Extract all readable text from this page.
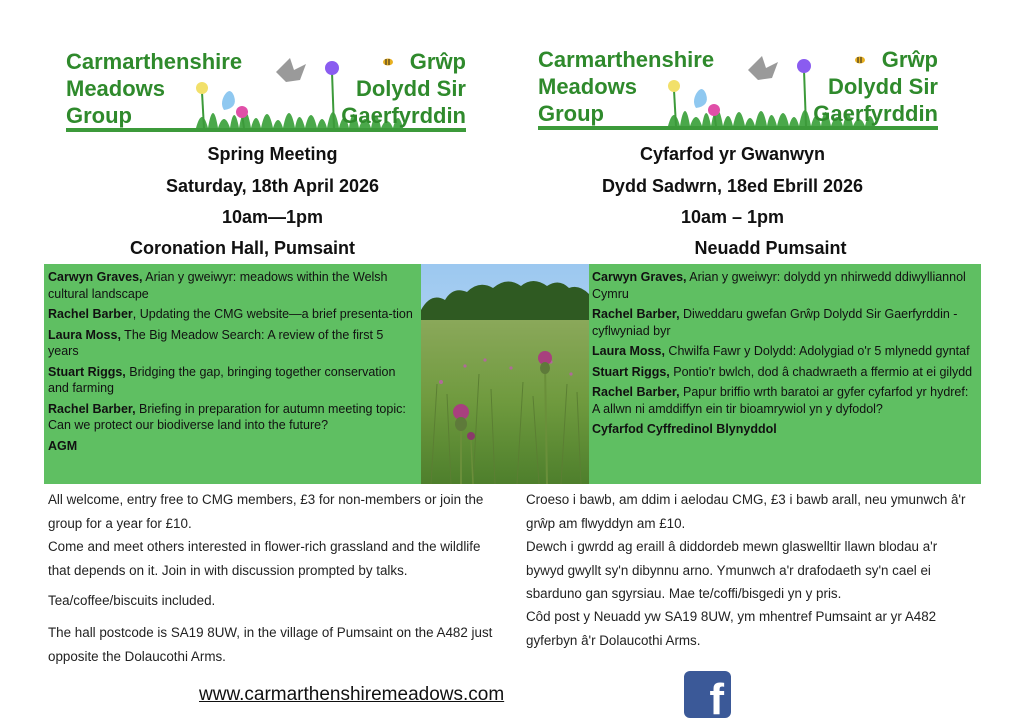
Carmarthenshire
Meadows
Group
Grŵp
Dolydd Sir
Gaerfyrddin
Carmarthenshire
Meadows
Group
Grŵp
Dolydd Sir
Gaerfyrddin
Spring Meeting
Saturday, 18th April 2026
10am—1pm
Coronation Hall, Pumsaint
Cyfarfod yr Gwanwyn
Dydd Sadwrn, 18ed Ebrill 2026
10am – 1pm
Neuadd Pumsaint
Carwyn Graves, Arian y gweiwyr: meadows within the Welsh cultural landscape
Rachel Barber, Updating the CMG website—a brief presenta-tion
Laura Moss, The Big Meadow Search: A review of the first 5 years
Stuart Riggs, Bridging the gap, bringing together conservation and farming
Rachel Barber, Briefing in preparation for autumn meeting topic: Can we protect our biodiverse land into the future?
AGM
Carwyn Graves, Arian y gweiwyr: dolydd yn nhirwedd ddiwylliannol Cymru
Rachel Barber, Diweddaru gwefan Grŵp Dolydd Sir Gaerfyrddin - cyflwyniad byr
Laura Moss, Chwilfa Fawr y Dolydd: Adolygiad o'r 5 mlynedd gyntaf
Stuart Riggs, Pontio'r bwlch, dod â chadwraeth a ffermio at ei gilydd
Rachel Barber, Papur briffio wrth baratoi ar gyfer cyfarfod yr hydref: A allwn ni amddiffyn ein tir bioamrywiol yn y dyfodol?
Cyfarfod Cyffredinol Blynyddol
All welcome, entry free to CMG members, £3 for non-members or join the group for a year for £10.
Come and meet others interested in flower-rich grassland and the wildlife that depends on it. Join in with discussion prompted by talks.
Tea/coffee/biscuits included.
The hall postcode is SA19 8UW, in the village of Pumsaint on the A482 just opposite the Dolaucothi Arms.
Croeso i bawb, am ddim i aelodau CMG, £3 i bawb arall, neu ymunwch â'r grŵp am flwyddyn am £10.
Dewch i gwrdd ag eraill â diddordeb mewn glaswelltir llawn blodau a'r bywyd gwyllt sy'n dibynnu arno. Ymunwch a'r drafodaeth sy'n cael ei sbarduno gan sgyrsiau. Mae te/coffi/bisgedi yn y pris.
Côd post y Neuadd yw SA19 8UW, ym mhentref Pumsaint ar yr A482 gyferbyn â'r Dolaucothi Arms.
www.carmarthenshiremeadows.com	f
